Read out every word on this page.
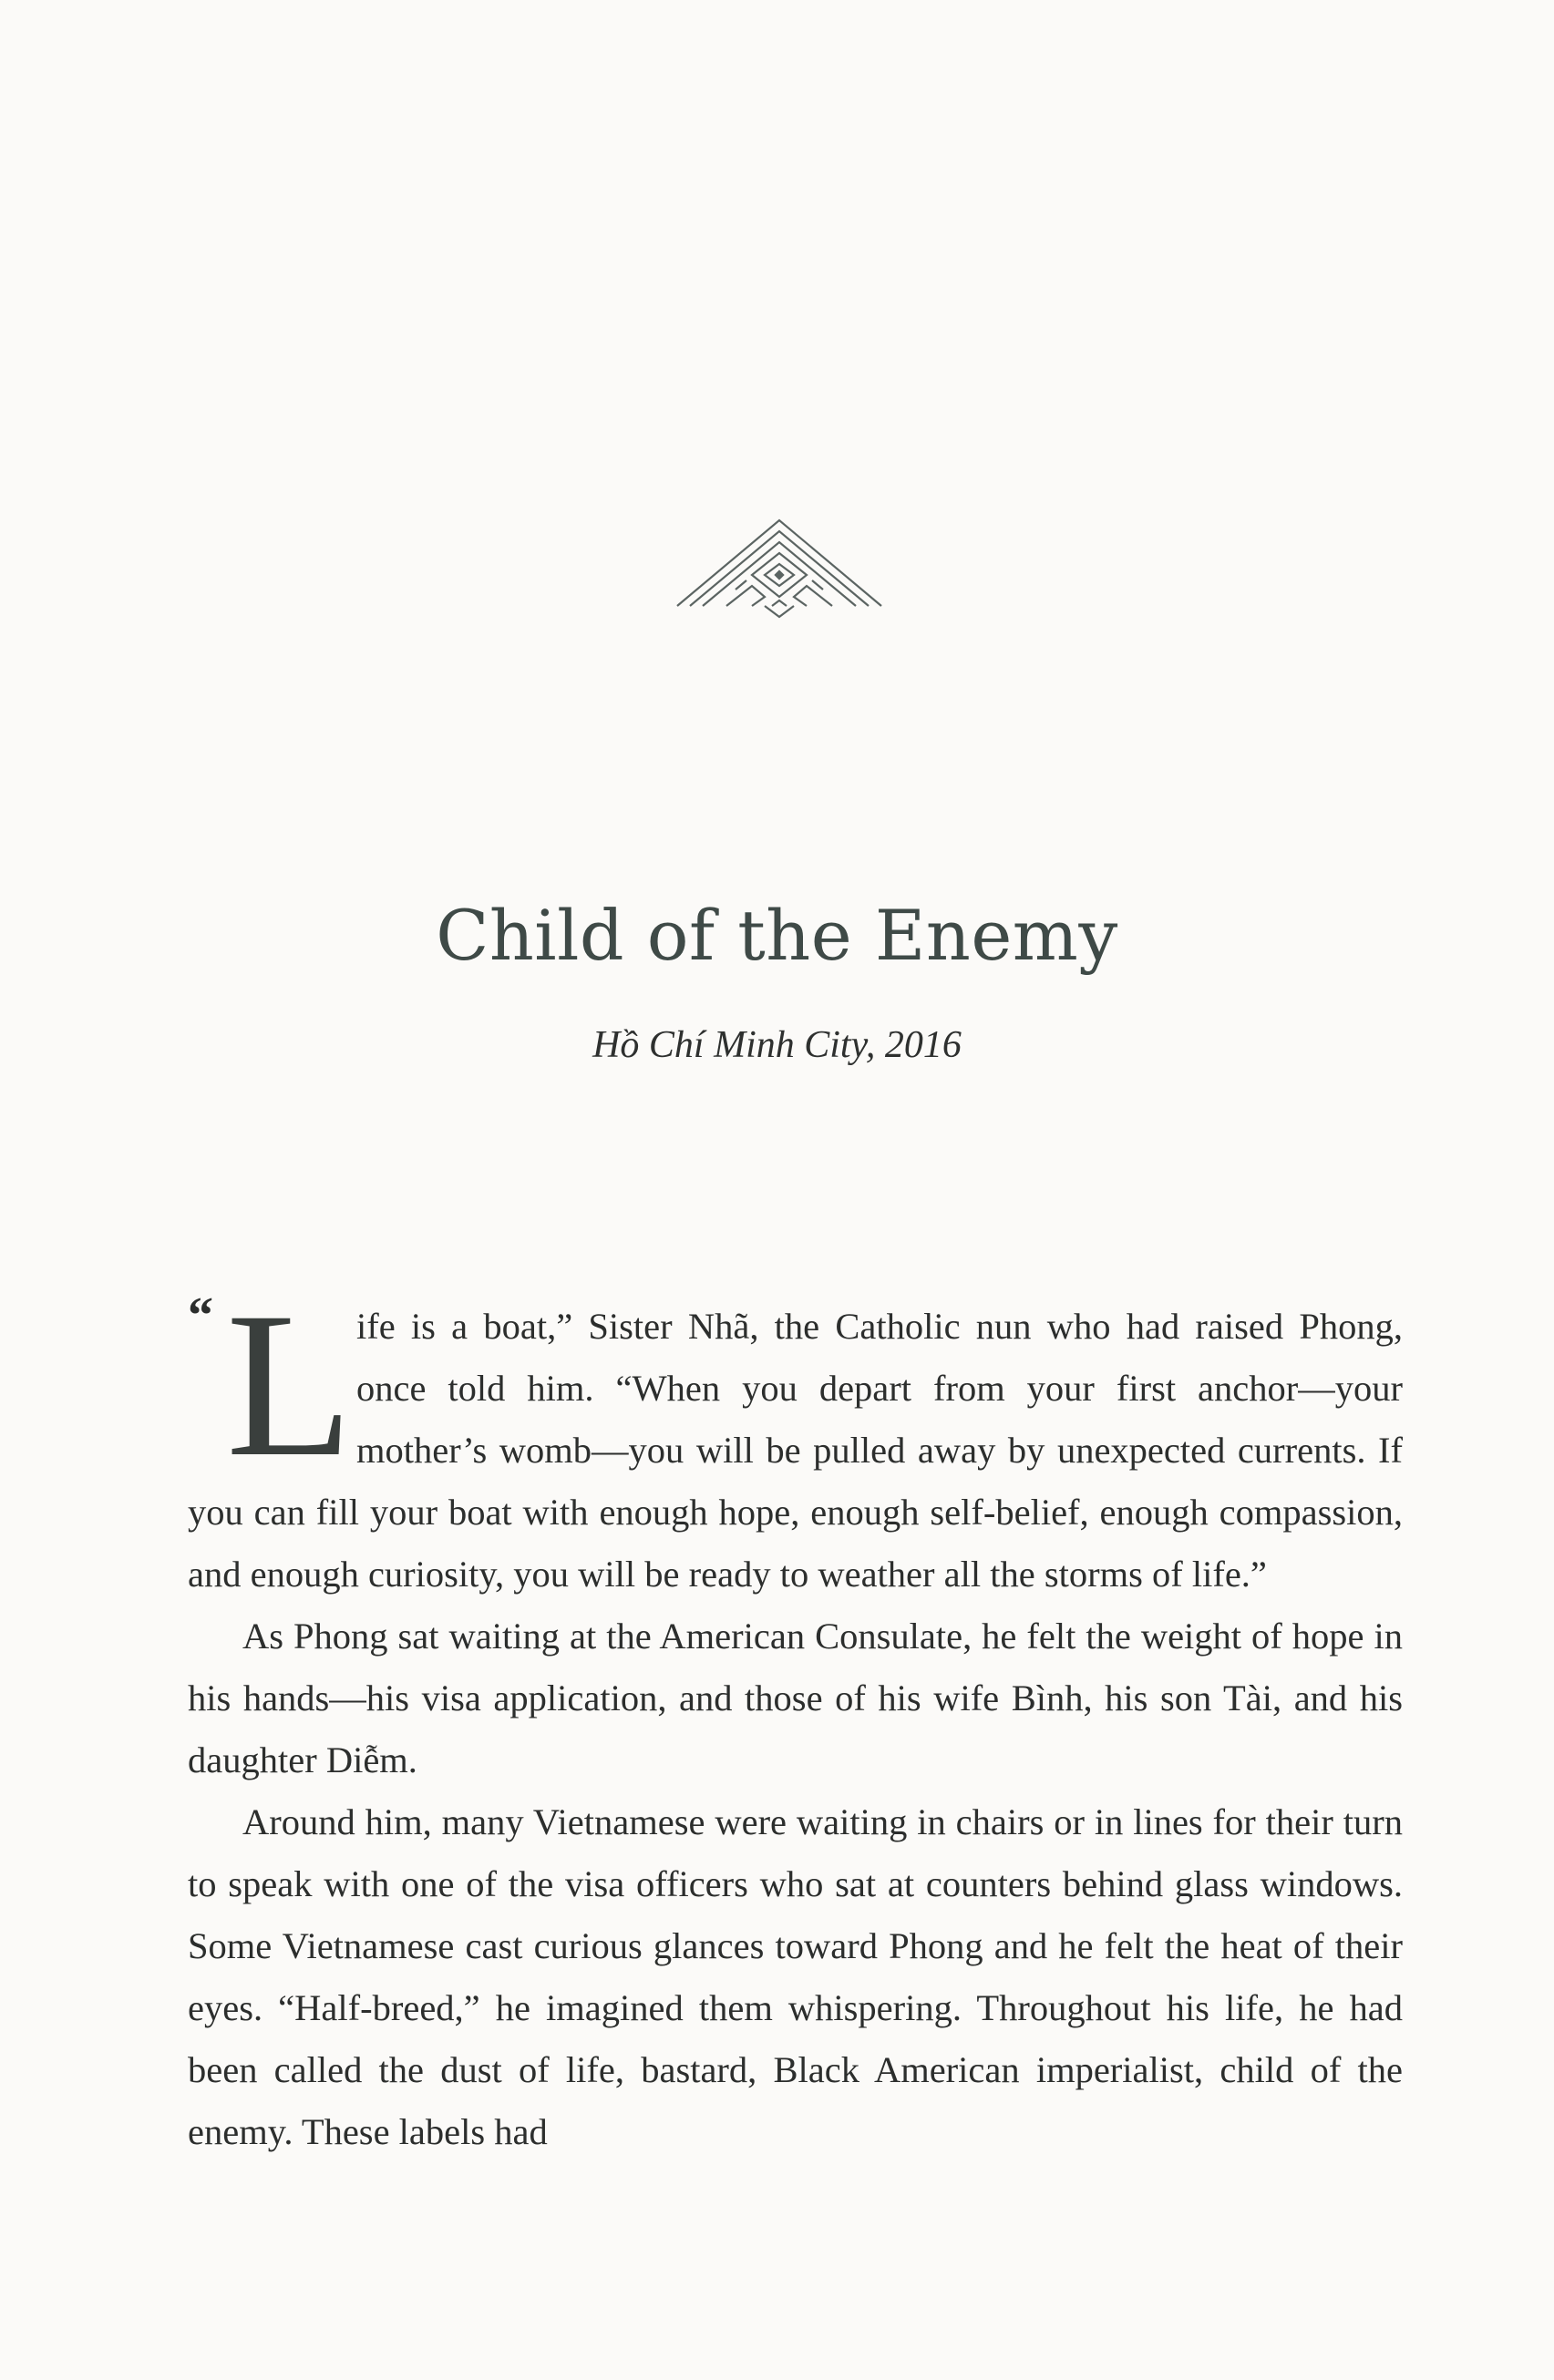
Child of the Enemy
Hồ Chí Minh City, 2016
“ L ife is a boat,” Sister Nhã, the Catholic nun who had raised Phong, once told him. “When you depart from your first anchor—your mother’s womb—you will be pulled away by unexpected currents. If you can fill your boat with enough hope, enough self-belief, enough compassion, and enough curiosity, you will be ready to weather all the storms of life.”

As Phong sat waiting at the American Consulate, he felt the weight of hope in his hands—his visa application, and those of his wife Bình, his son Tài, and his daughter Diễm.

Around him, many Vietnamese were waiting in chairs or in lines for their turn to speak with one of the visa officers who sat at counters behind glass windows. Some Vietnamese cast curious glances toward Phong and he felt the heat of their eyes. “Half-breed,” he imagined them whispering. Throughout his life, he had been called the dust of life, bastard, Black American imperialist, child of the enemy. These labels had
